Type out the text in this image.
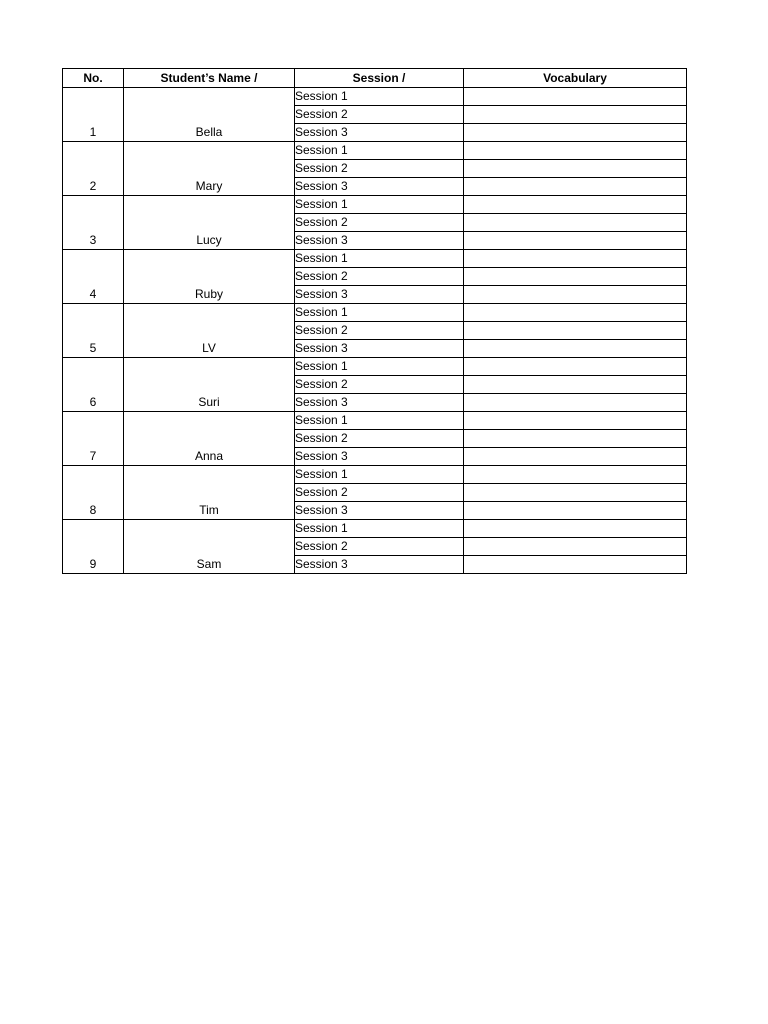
No.	Student’s Name /	Session /	Vocabulary
1	Bella	Session 1	
		Session 2	
		Session 3	
2	Mary	Session 1	
		Session 2	
		Session 3	
3	Lucy	Session 1	
		Session 2	
		Session 3	
4	Ruby	Session 1	
		Session 2	
		Session 3	
5	LV	Session 1	
		Session 2	
		Session 3	
6	Suri	Session 1	
		Session 2	
		Session 3	
7	Anna	Session 1	
		Session 2	
		Session 3	
8	Tim	Session 1	
		Session 2	
		Session 3	
9	Sam	Session 1	
		Session 2	
		Session 3	
